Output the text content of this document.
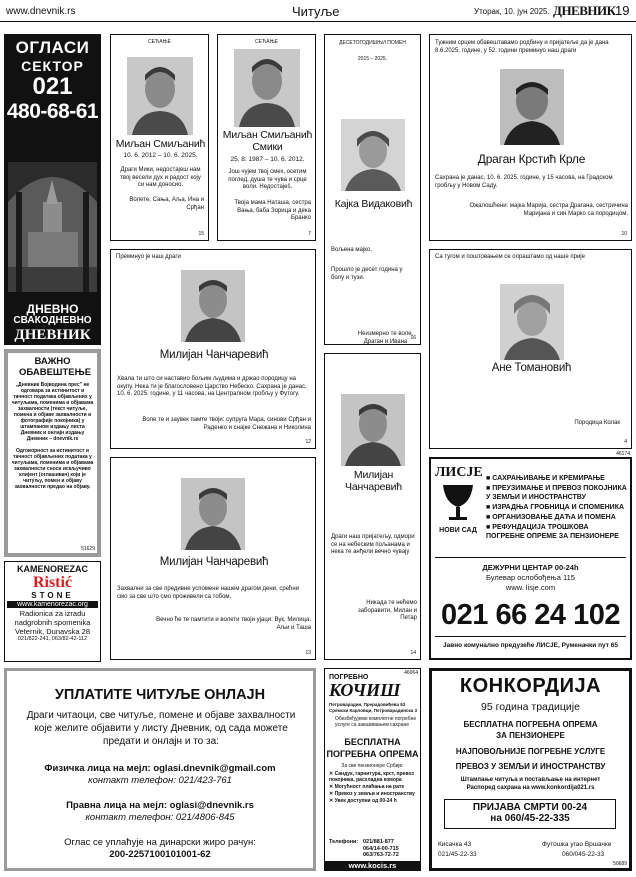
www.dnevnik.rs	Читуље	Уторак, 10. јун 2025. ДНЕВНИК 19
ОГЛАСИ
СЕКТОР
021
480-68-61
ДНЕВНО
СВАКОДНЕВНО
ДНЕВНИК
ВАЖНО ОБАВЕШТЕЊЕ
„Дневник Војводина прес” не одговара за истинитост и тачност података објављених у читуљама, поменима и објавама захвалности (текст читуље, помена и објаве захвалности и фотографије покојника) у штампаном издању листа Дневник и онлајн издању Дневник – dnevnik.rs
Одговорност за истинитост и тачност објављених података у читуљама, поменима и објавама захвалности сноси искључиво клијент (оглашивач) који је читуљу, помен и објаву захвалности предао на објаву.
51629
KAMENOREZAC
Ristić
STONE
www.kamenorezac.org
Radionica za izradu
nadgrobnih spomenika
Veternik, Dunavska 28
021/822-241, 063/82-42-112
СЕЋАЊЕ
Миљан Смиљанић
10. 6. 2012 – 10. 6. 2025.
Драги Мики, недостајеш нам твој весели дух и радост коју си нам доносио.
Волете, Сања, Аља, Ина и Срђан
15
СЕЋАЊЕ
Миљан Смиљанић Смики
25. 8. 1987 – 10. 6. 2012.
Још чујем твој смех, осетим поглед, душа те чува и срце воли. Недостаješ.
Твоја мама Наташа, сестра Вања, баба Зорица и дека Бранко
7
ДЕСЕТОГОДИШЊИ ПОМЕН
2015 – 2025.
Кајка Видаковић
Вољена мајко,
Прошло је десет година у болу и тузи.
Неизмерно те воле, Драган и Ивана
16
Тужним срцем обавештавамо родбину и пријатеље да је дана 8.6.2025. године, у 52. години преминуо наш драги
Драган Крстић Крле
Сахрана је данас, 10. 6. 2025. године, у 15 часова, на Градском гробљу у Новом Саду.
Ожалошћени: мајка Марија, сестра Драгана, сестричина Маријана и син Марко са породицом.
10
Преминуо је наш драги
Милијан Чанчаревић
Хвала ти што си наставио бољим људима и држао породицу на окупу. Нека ти је благословено Царство Небеско. Сахрана је данас, 10. 6. 2025. године, у 11 часова, на Централном гробљу у Футогу.
Воле те и заувек памте твоји: супруга Мара, синови Срђан и Раденко и снајке Снежана и Николина
12
Са тугом и поштовањем се опраштамо од наше прије
Ане Томановић
Породица Колак
4
Милијан Чанчаревић
Захвални за све предивне успомене нашем драгом дени, срећни смо за све што смо проживели са тобом.
Вечно ће те памтити и волети твоји ујаци: Вук, Милица, Аљи и Таша
13
Милијан Чанчаревић
Драги наш пријатељу, одмори се на небеским пољанама и нека те анђели вечно чувају
Никада те нећемо заборавити, Милан и Петар
14
46174
ЛИСЈЕ
НОВИ САД
■ САХРАЊИВАЊЕ И КРЕМИРАЊЕ
■ ПРЕУЗИМАЊЕ И ПРЕВОЗ ПОКОЈНИКА У ЗЕМЉИ И ИНОСТРАНСТВУ
■ ИЗРАДЊА ГРОБНИЦА И СПОМЕНИКА
■ ОРГАНИЗОВАЊЕ ДАЋА И ПОМЕНА
■ РЕФУНДАЦИЈА ТРОШКОВА ПОГРЕБНЕ ОПРЕМЕ ЗА ПЕНЗИОНЕРЕ
ДЕЖУРНИ ЦЕНТАР 00-24h
Булевар ослобођења 115
www. lisje.com
021 66 24 102
Јавно комунално предузеће ЛИСЈЕ, Руменачки пут 65
УПЛАТИТЕ ЧИТУЉЕ ОНЛАЈН
Драги читаоци, све читуље, помене и објаве захвалности које желите објавити у листу Дневник, од сада можете предати и онлајн и то за:
Физичка лица на мејл: oglasi.dnevnik@gmail.com
контакт телефон: 021/423-761
Правна лица на мејл: oglasi@dnevnik.rs
контакт телефон: 021/4806-845
Оглас се уплаћује на динарски жиро рачун:
200-2257100101001-62
46064
ПОГРЕБНО
КОЧИШ
Петроварадин, Прерадовићева 53 Сремски Карловци, Петроварадинска 3
Обезбеђујемо комплетне погребне услуге са заказивањем сахране
БЕСПЛАТНА
ПОГРЕБНА ОПРЕМА
За све пензионере Србије:
✕ Сандук, гарнитура, крст, превоз покојника, расхладна комора
✕ Могућност плаћања на рате
✕ Превоз у земљи и иностранству
✕ Увек доступни од 00-24 h
Телефони: 021/881-877
064/14-00-715
063/763-72-72
www.kocis.rs
КОНКОРДИЈА
95 година традиције
БЕСПЛАТНА ПОГРЕБНА ОПРЕМА
ЗА ПЕНЗИОНЕРЕ
НАЈПОВОЉНИЈЕ ПОГРЕБНЕ УСЛУГЕ
ПРЕВОЗ У ЗЕМЉИ И ИНОСТРАНСТВУ
Штампање читуља и постављање на интернет
Распоред сахрана на www.konkordija021.rs
ПРИЈАВА СМРТИ 00-24
на 060/45-22-335
Кисачка 43
021/45-22-33
Футошка угао Вршачке
060/045-22-33
50689
